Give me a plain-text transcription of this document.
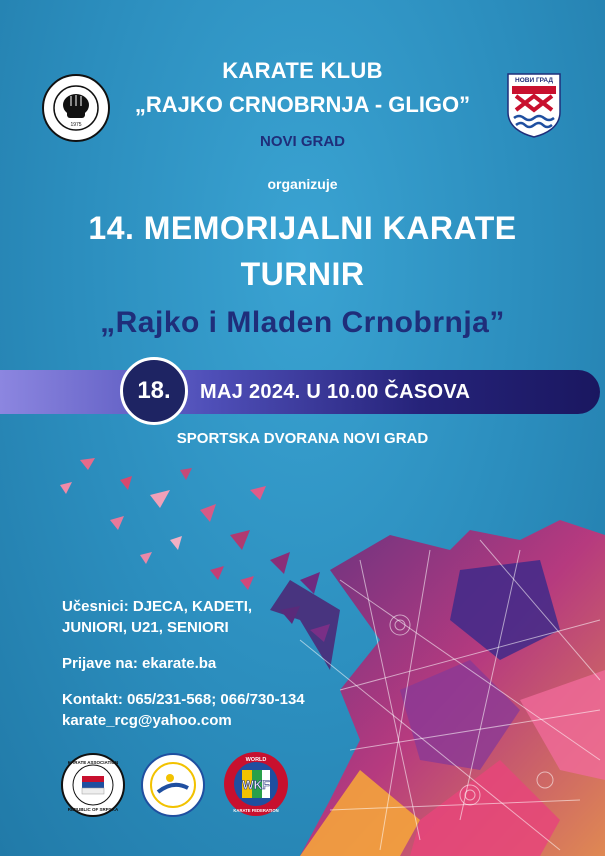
1975
НОВИ ГРАД
KARATE KLUB
„RAJKO CRNOBRNJA - GLIGO”
NOVI GRAD
organizuje
14. MEMORIJALNI KARATE
TURNIR
„Rajko i Mladen Crnobrnja”
18.	MAJ 2024. U 10.00 ČASOVA
SPORTSKA DVORANA NOVI GRAD
Učesnici: DJECA, KADETI,
JUNIORI, U21, SENIORI
Prijave na: ekarate.ba
Kontakt: 065/231-568; 066/730-134
karate_rcg@yahoo.com
KARATE ASSOCIATION
REPUBLIC OF SRPSKA
WORLD
WKF
KARATE FEDERATION
